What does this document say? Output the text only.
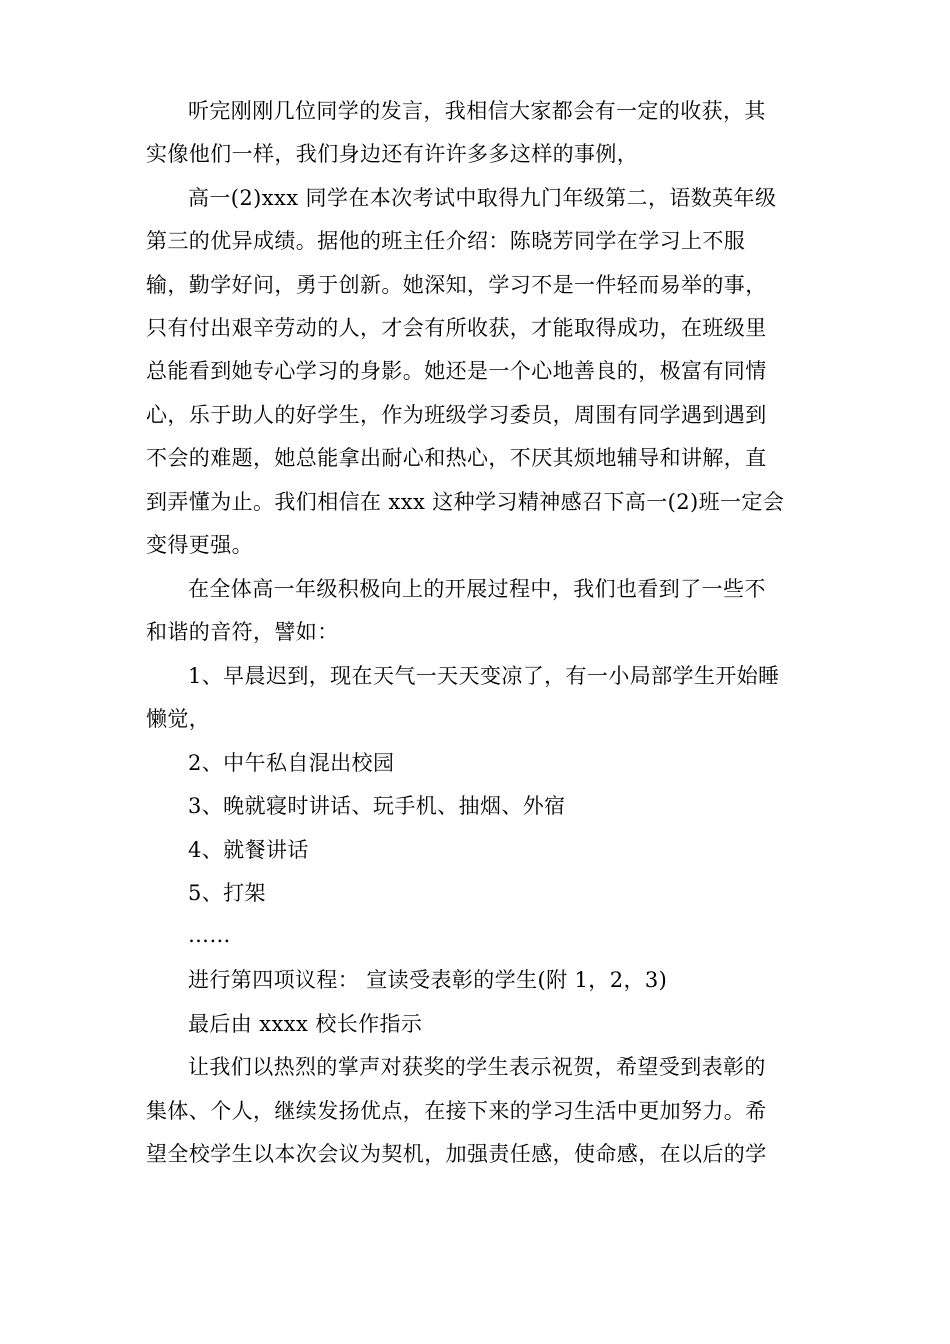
听完刚刚几位同学的发言，我相信大家都会有一定的收获，其
实像他们一样，我们身边还有许许多多这样的事例，
高一(2)xxx 同学在本次考试中取得九门年级第二，语数英年级
第三的优异成绩。据他的班主任介绍：陈晓芳同学在学习上不服
输，勤学好问，勇于创新。她深知，学习不是一件轻而易举的事，
只有付出艰辛劳动的人，才会有所收获，才能取得成功，在班级里
总能看到她专心学习的身影。她还是一个心地善良的，极富有同情
心，乐于助人的好学生，作为班级学习委员，周围有同学遇到遇到
不会的难题，她总能拿出耐心和热心，不厌其烦地辅导和讲解，直
到弄懂为止。我们相信在 xxx 这种学习精神感召下高一(2)班一定会
变得更强。
在全体高一年级积极向上的开展过程中，我们也看到了一些不
和谐的音符，譬如：
1、早晨迟到，现在天气一天天变凉了，有一小局部学生开始睡
懒觉，
2、中午私自混出校园
3、晚就寝时讲话、玩手机、抽烟、外宿
4、就餐讲话
5、打架
……
进行第四项议程： 宣读受表彰的学生(附 1，2，3)
最后由 xxxx 校长作指示
让我们以热烈的掌声对获奖的学生表示祝贺，希望受到表彰的
集体、个人，继续发扬优点，在接下来的学习生活中更加努力。希
望全校学生以本次会议为契机，加强责任感，使命感，在以后的学
